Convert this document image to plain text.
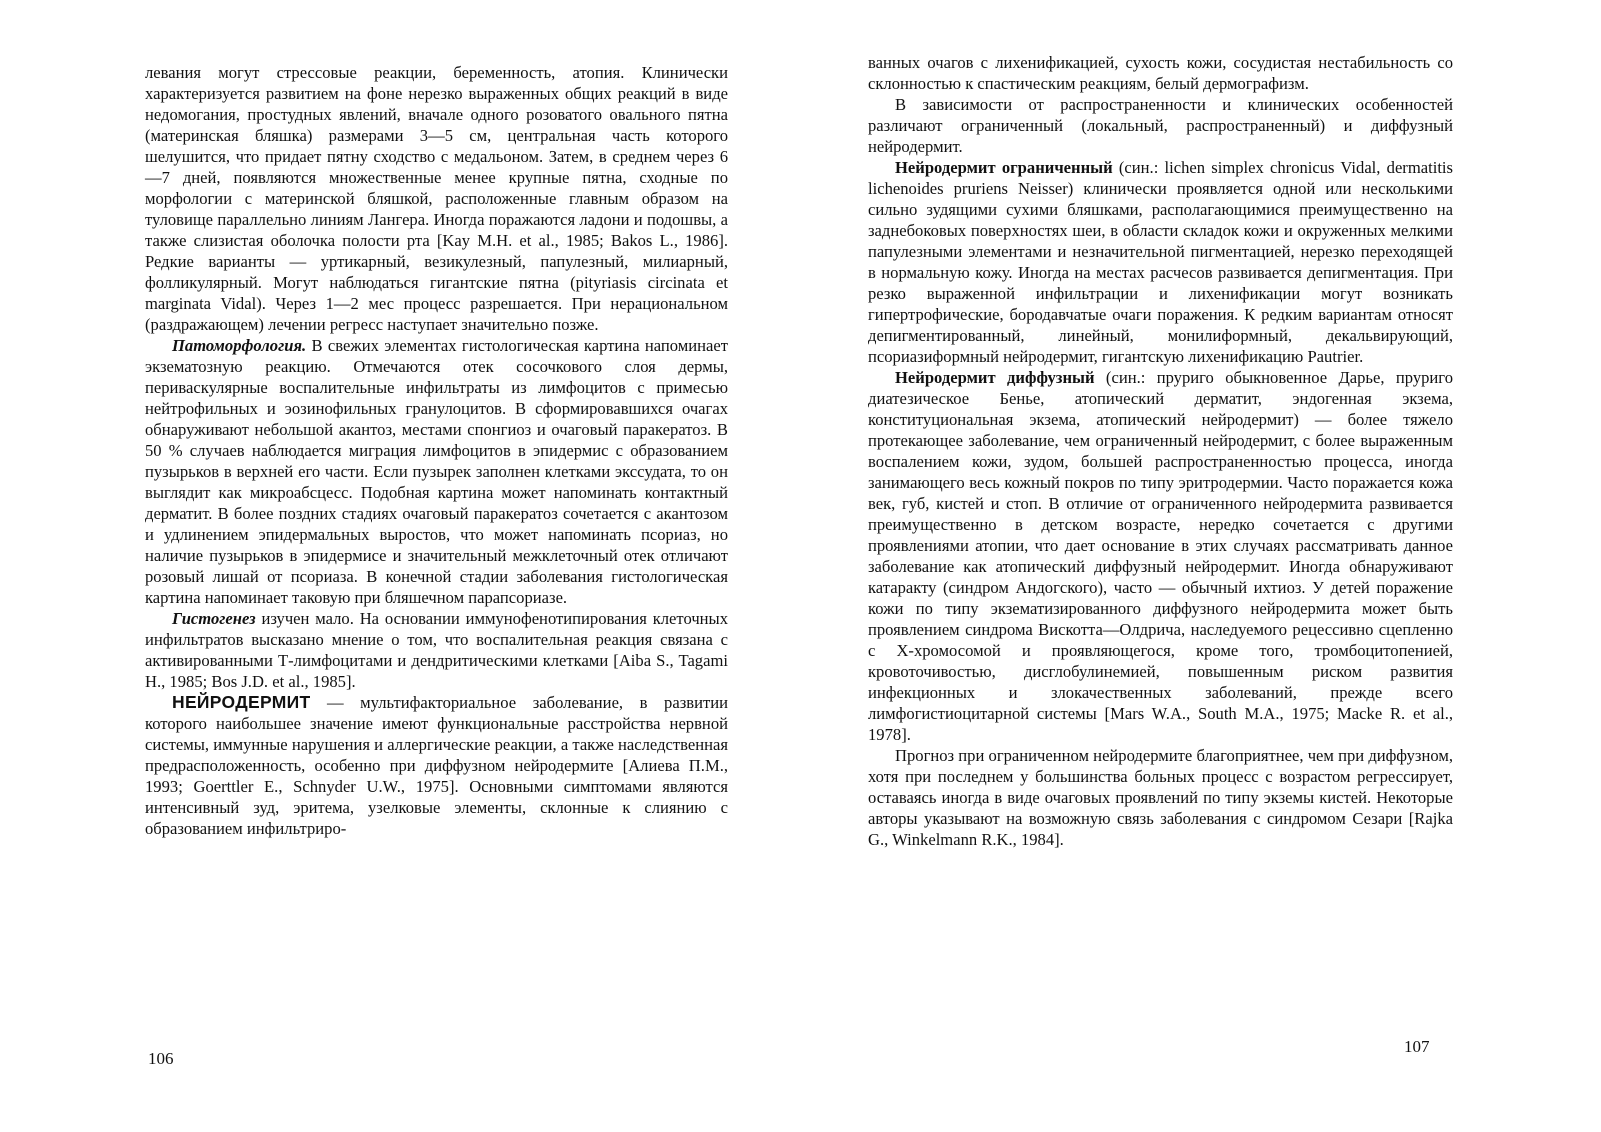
левания могут стрессовые реакции, беременность, атопия. Клинически характеризуется развитием на фоне нерезко выраженных общих реакций в виде недомогания, простудных явлений, вначале одного розоватого овального пятна (материнская бляшка) размерами 3—5 см, центральная часть которого шелушится, что придает пятну сходство с медальоном. Затем, в среднем через 6—7 дней, появляются множественные менее крупные пятна, сходные по морфологии с материнской бляшкой, расположенные главным образом на туловище параллельно линиям Лангера. Иногда поражаются ладони и подошвы, а также слизистая оболочка полости рта [Kay M.H. et al., 1985; Bakos L., 1986]. Редкие варианты — уртикарный, везикулезный, папулезный, милиарный, фолликулярный. Могут наблюдаться гигантские пятна (pityriasis circinata et marginata Vidal). Через 1—2 мес процесс разрешается. При нерациональном (раздражающем) лечении регресс наступает значительно позже.

Патоморфология. В свежих элементах гистологическая картина напоминает экзематозную реакцию. Отмечаются отек сосочкового слоя дермы, периваскулярные воспалительные инфильтраты из лимфоцитов с примесью нейтрофильных и эозинофильных гранулоцитов. В сформировавшихся очагах обнаруживают небольшой акантоз, местами спонгиоз и очаговый паракератоз. В 50 % случаев наблюдается миграция лимфоцитов в эпидермис с образованием пузырьков в верхней его части. Если пузырек заполнен клетками экссудата, то он выглядит как микроабсцесс. Подобная картина может напоминать контактный дерматит. В более поздних стадиях очаговый паракератоз сочетается с акантозом и удлинением эпидермальных выростов, что может напоминать псориаз, но наличие пузырьков в эпидермисе и значительный межклеточный отек отличают розовый лишай от псориаза. В конечной стадии заболевания гистологическая картина напоминает таковую при бляшечном парапсориазе.

Гистогенез изучен мало. На основании иммунофенотипирования клеточных инфильтратов высказано мнение о том, что воспалительная реакция связана с активированными Т-лимфоцитами и дендритическими клетками [Aiba S., Tagami H., 1985; Bos J.D. et al., 1985].

НЕЙРОДЕРМИТ — мультифакториальное заболевание, в развитии которого наибольшее значение имеют функциональные расстройства нервной системы, иммунные нарушения и аллергические реакции, а также наследственная предрасположенность, особенно при диффузном нейродермите [Алиева П.М., 1993; Goerttler E., Schnyder U.W., 1975]. Основными симптомами являются интенсивный зуд, эритема, узелковые элементы, склонные к слиянию с образованием инфильтриро-

106

ванных очагов с лихенификацией, сухость кожи, сосудистая нестабильность со склонностью к спастическим реакциям, белый дермографизм.

В зависимости от распространенности и клинических особенностей различают ограниченный (локальный, распространенный) и диффузный нейродермит.

Нейродермит ограниченный (син.: lichen simplex chronicus Vidal, dermatitis lichenoides pruriens Neisser) клинически проявляется одной или несколькими сильно зудящими сухими бляшками, располагающимися преимущественно на заднебоковых поверхностях шеи, в области складок кожи и окруженных мелкими папулезными элементами и незначительной пигментацией, нерезко переходящей в нормальную кожу. Иногда на местах расчесов развивается депигментация. При резко выраженной инфильтрации и лихенификации могут возникать гипертрофические, бородавчатые очаги поражения. К редким вариантам относят депигментированный, линейный, монилиформный, декальвирующий, псориазиформный нейродермит, гигантскую лихенификацию Pautrier.

Нейродермит диффузный (син.: пруриго обыкновенное Дарье, пруриго диатезическое Бенье, атопический дерматит, эндогенная экзема, конституциональная экзема, атопический нейродермит) — более тяжело протекающее заболевание, чем ограниченный нейродермит, с более выраженным воспалением кожи, зудом, большей распространенностью процесса, иногда занимающего весь кожный покров по типу эритродермии. Часто поражается кожа век, губ, кистей и стоп. В отличие от ограниченного нейродермита развивается преимущественно в детском возрасте, нередко сочетается с другими проявлениями атопии, что дает основание в этих случаях рассматривать данное заболевание как атопический диффузный нейродермит. Иногда обнаруживают катаракту (синдром Андогского), часто — обычный ихтиоз. У детей поражение кожи по типу экзематизированного диффузного нейродермита может быть проявлением синдрома Вискотта—Олдрича, наследуемого рецессивно сцепленно с Х-хромосомой и проявляющегося, кроме того, тромбоцитопенией, кровоточивостью, дисглобулинемией, повышенным риском развития инфекционных и злокачественных заболеваний, прежде всего лимфогистиоцитарной системы [Mars W.A., South M.A., 1975; Macke R. et al., 1978].

Прогноз при ограниченном нейродермите благоприятнее, чем при диффузном, хотя при последнем у большинства больных процесс с возрастом регрессирует, оставаясь иногда в виде очаговых проявлений по типу экземы кистей. Некоторые авторы указывают на возможную связь заболевания с синдромом Сезари [Rajka G., Winkelmann R.K., 1984].

107
